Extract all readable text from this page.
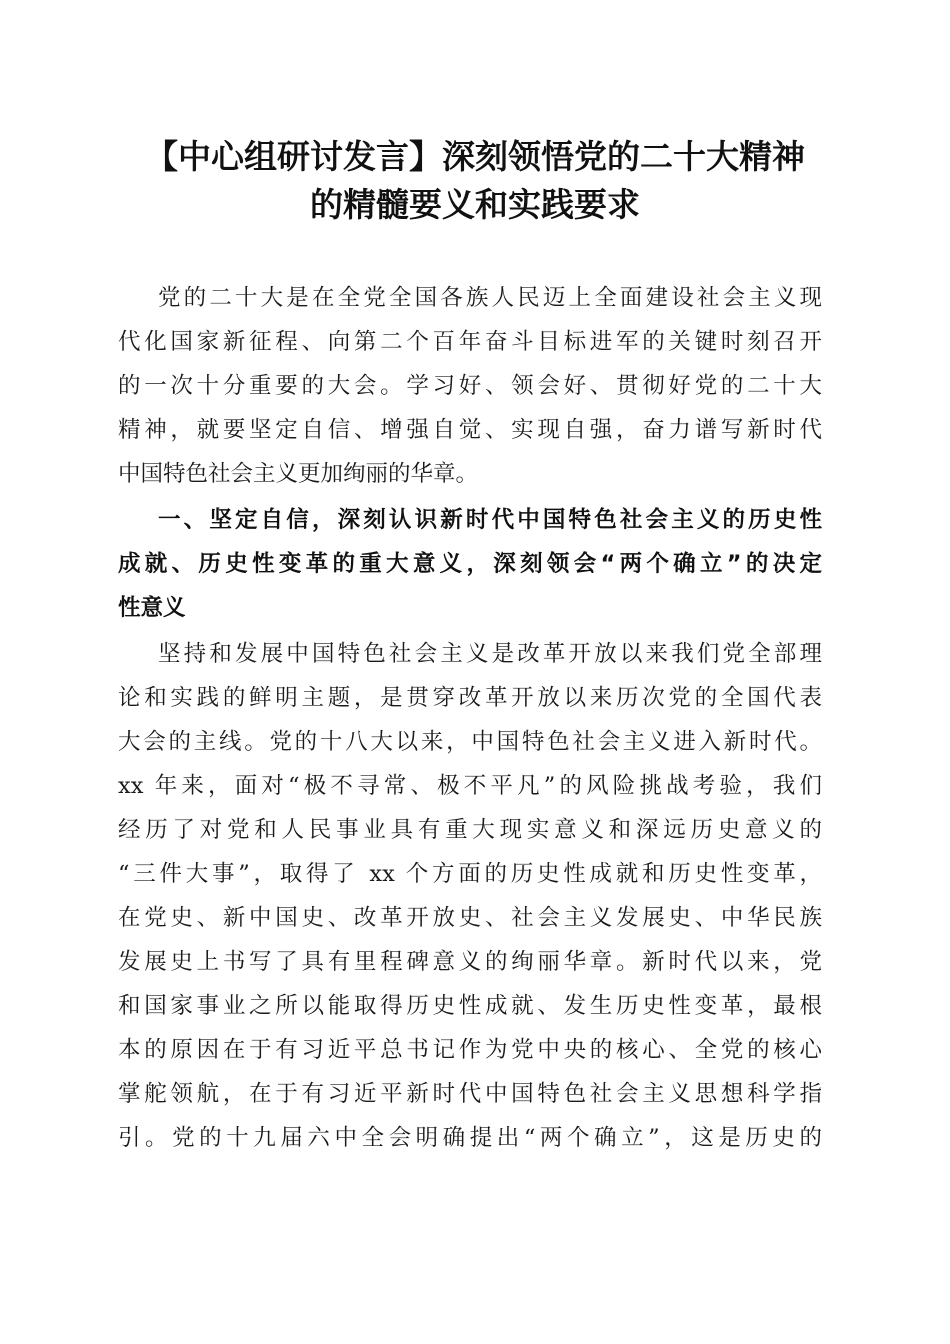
【中心组研讨发言】深刻领悟党的二十大精神
的精髓要义和实践要求

党的二十大是在全党全国各族人民迈上全面建设社会主义现

代化国家新征程、向第二个百年奋斗目标进军的关键时刻召开

的一次十分重要的大会。学习好、领会好、贯彻好党的二十大

精神，就要坚定自信、增强自觉、实现自强，奋力谱写新时代

中国特色社会主义更加绚丽的华章。

一、坚定自信，深刻认识新时代中国特色社会主义的历史性

成就、历史性变革的重大意义，深刻领会“两个确立”的决定

性意义

坚持和发展中国特色社会主义是改革开放以来我们党全部理

论和实践的鲜明主题，是贯穿改革开放以来历次党的全国代表

大会的主线。党的十八大以来，中国特色社会主义进入新时代。

xx 年来，面对“极不寻常、极不平凡”的风险挑战考验，我们

经历了对党和人民事业具有重大现实意义和深远历史意义的

“三件大事”，取得了 xx 个方面的历史性成就和历史性变革，

在党史、新中国史、改革开放史、社会主义发展史、中华民族

发展史上书写了具有里程碑意义的绚丽华章。新时代以来，党

和国家事业之所以能取得历史性成就、发生历史性变革，最根

本的原因在于有习近平总书记作为党中央的核心、全党的核心

掌舵领航，在于有习近平新时代中国特色社会主义思想科学指

引。党的十九届六中全会明确提出“两个确立”，这是历史的
